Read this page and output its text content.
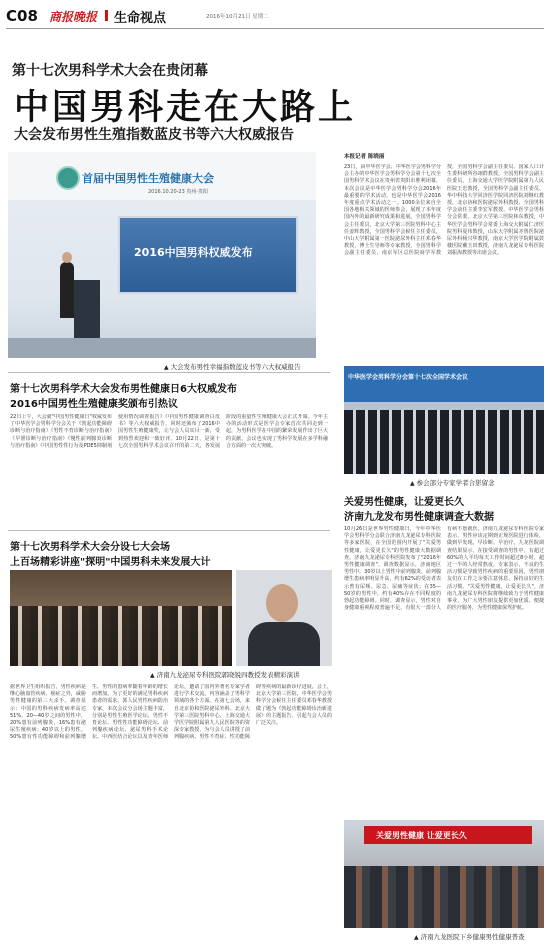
C08 商报晚报 生命视点	2016年10月21日 星期二
第十七次男科学术大会在贵闭幕
中国男科走在大路上
大会发布男性生殖指数蓝皮书等六大权威报告
首届中国男性生殖健康大会
2016.10.20-23 贵州·贵阳
2016中国男科权威发布
▲ 大会发布男性幸福指数蓝皮书等六大权威报告
本报记者 陈晓丽
23日，由中华医学会、中华医学会男科学分会主办的中华医学会男科学分会第十七次全国男科学术会议在贵州省贵阳市胜利闭幕，本次会议是中华医学会男科学分会2016年最重要的学术活动，也是中华医学会2016年度重点学术活动之一。1000余位来自全国各地相关领域的医师参会，展现了本年度国内外的最新研究成果和进展。全国男科学会主任委员，北京大学第三医院男科中心主任姜辉教授，全国男科学会候任主任委员，中山大学附属第一医院泌尿外科主任邓春华教授，博士生导师等专家教授，全国男科学会副主任委员，南京军区总医院商学军教授，全国男科学会副主任委员、国家人口计生委科研所谷翊群教授，全国男科学会副主任委员，上海交通大学医学院附属第九人民医院王忠教授，全国男科学会副主任委员、华中科技大学同济医学院同济医院刘继红教授，北京协和医院泌尿外科教授、全国男科学会前任主委李宏军教授，中华医学会男科分会常委、北京大学第三医院林东教授，中华医学会男科学会常委上海交大附属仁济医院男科夏伟教授，山东大学附属齐鲁医院泌尿外科杨兴华教授，南京大学医学院附属鼓楼医院戴玉田教授，济南九龙泌尿专科医院刘振海教授等出席会议。
第十七次男科学术大会发布男性健康日6大权威发布
2016中国男性生殖健康奖颁布引热议
22日上午，大会就"中国男性健康日"权威发布了中华医学会男科学分会关于《勃起功能障碍诊断与治疗指南》《男性不育诊断与治疗指南》《早泄诊断与治疗指南》《慢性前列腺炎诊断与治疗指南》《中国男性性行为及PDE5抑制剂使用情况调查报告》《中国男性健康调查白皮书》等六大权威报告，同时还颁布了2016中国男性生殖健康奖，让与会人员耳目一新，受到热烈欢迎和一致好评。10月22日，是第十七次全国男科学术会议召开的第二天，各发展阶段的重量性生殖健康大会正式开幕。今年主办的活动形式是医学会专家首次共同走到一起，为男科医学在中国的繁荣发展作出了巨大的贡献，会议也实现了男科学发展在多学科融合方面的一次大突破。
第十七次男科学术大会分设七大会场
上百场精彩讲座"探明"中国男科未来发展大计
▲ 济南九龙泌尿专科医院郭晓锐四教授发表精彩演讲
据世界卫生组织报告，男性疾病是继心脑血管疾病、癌症之外，威胁男性健康的第三大杀手。调查显示：中国的男科疾病发病率高达51%，20—40岁之间的男性中，20%患有前列腺炎，16%患有泌尿生殖疾病；40岁以上的男性，50%患有性功能障碍和前列腺增生。男性的患病率随着年龄的增长而增加。为了更好的满足男科疾病患者的需求，郭人民男性疾病防治专家，本次会议分会场主题丰富，分别是男性生殖医学论坛、男性不育论坛、男性性功能障碍论坛、前列腺疾病论坛、泌尿男科手术论坛、中西医结合论坛以及青年医师论坛，邀请了国内外著名专家学者进行学术交流，内容涵盖了男科学领域的各个方面。在第七会场，来自北京协和医院泌尿外科、北京大学第三医院男科中心、上海交通大学医学院附属第九人民医院等的资深专家教授，为与会人员讲授了前列腺疾病、男性不育症、性功能障碍等疾病的最新诊疗进展。会上，北京大学第三医院、中华医学会男科学分会候任主任委员邓春华教授做了题为《勃起功能障碍诊治新进展》的主题报告，引起与会人员的广泛关注。
中华医学会男科学分会第十七次全国学术会议
▲ 参会部分专家学者合影留念
关爱男性健康，让爱更长久
济南九龙发布男性健康调查大数据
10月26日是世界男性健康日，今年中华医学会男科学分会联合济南九龙泌尿专科医院等多家医院，在全国范围内开展了"关爱男性健康，让爱更长久"的男性健康大数据调查。济南九龙泌尿专科医院发布了"2016年男性健康调查"，调查数据显示，济南地区男性中，30岁以上男性中前列腺炎、前列腺增生患病率明显升高，约有62%的受访者表示曾有尿频、尿急、尿痛等症状；在35—50岁的男性中，约有40%存在不同程度的勃起功能障碍。同时，调查显示，男性对自身健康重视程度普遍不足，有很大一部分人有病不愿就医。济南九龙泌尿专科医院专家表示，男性应该定期到正规医院进行体检，做到早发现、早诊断、早治疗。九龙医院调查结果显示，在接受调查的男性中，有超过60%的人平均每天工作时间超过8小时，超过一半的人经常熬夜。专家表示，不良的生活习惯是导致男性疾病的重要原因，男性朋友们在工作之余要注意休息，保持良好的生活习惯。"关爱男性健康，让爱更长久"，济南九龙泌尿专科医院将继续致力于男性健康事业，为广大男性朋友提供更加优质、便捷的医疗服务，为男性健康保驾护航。
关爱男性健康 让爱更长久
▲ 济南九龙医院下乡健康男性健康普查
